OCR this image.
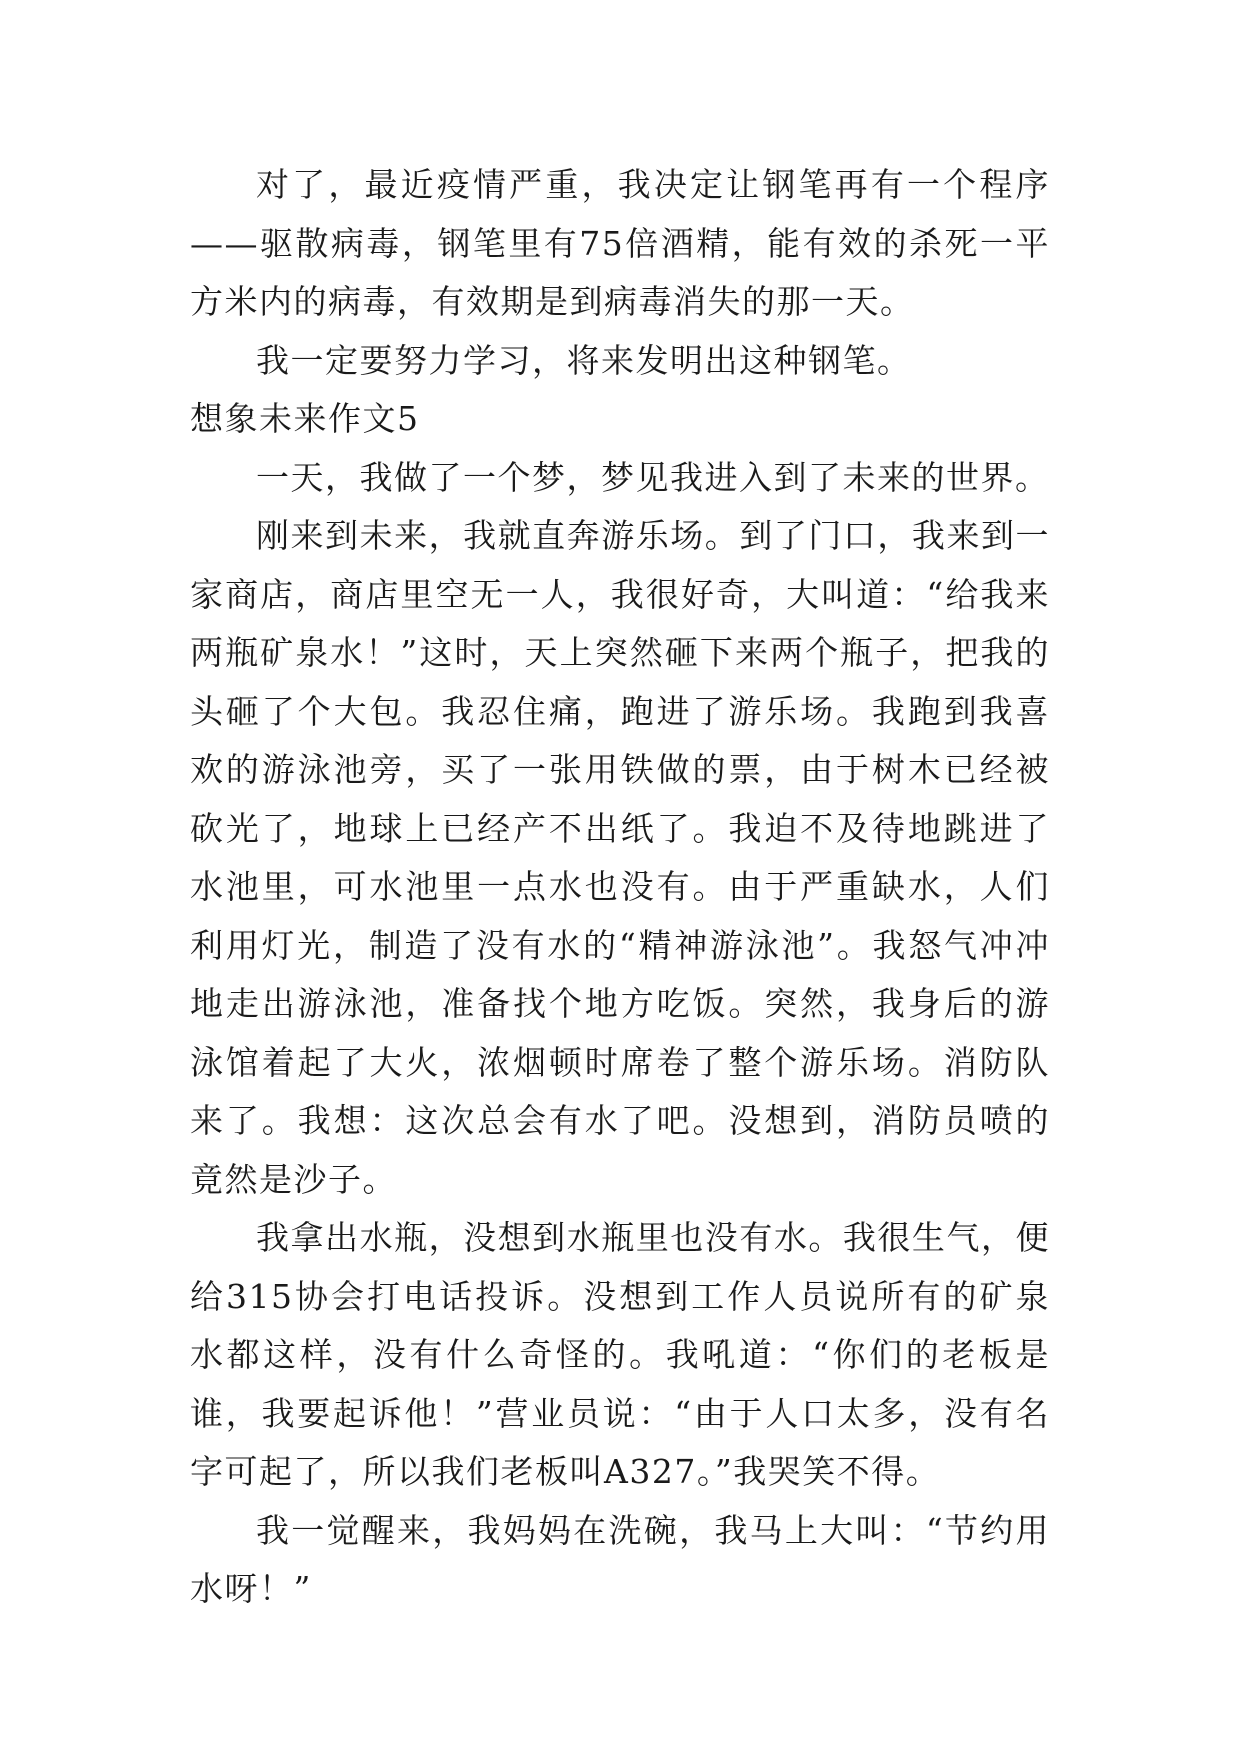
对了，最近疫情严重，我决定让钢笔再有一个程序——驱散病毒，钢笔里有75倍酒精，能有效的杀死一平方米内的病毒，有效期是到病毒消失的那一天。

我一定要努力学习，将来发明出这种钢笔。

想象未来作文5

一天，我做了一个梦，梦见我进入到了未来的世界。

刚来到未来，我就直奔游乐场。到了门口，我来到一家商店，商店里空无一人，我很好奇，大叫道：“给我来两瓶矿泉水！”这时，天上突然砸下来两个瓶子，把我的头砸了个大包。我忍住痛，跑进了游乐场。我跑到我喜欢的游泳池旁，买了一张用铁做的票，由于树木已经被砍光了，地球上已经产不出纸了。我迫不及待地跳进了水池里，可水池里一点水也没有。由于严重缺水，人们利用灯光，制造了没有水的“精神游泳池”。我怒气冲冲地走出游泳池，准备找个地方吃饭。突然，我身后的游泳馆着起了大火，浓烟顿时席卷了整个游乐场。消防队来了。我想：这次总会有水了吧。没想到，消防员喷的竟然是沙子。

我拿出水瓶，没想到水瓶里也没有水。我很生气，便给315协会打电话投诉。没想到工作人员说所有的矿泉水都这样，没有什么奇怪的。我吼道：“你们的老板是谁，我要起诉他！”营业员说：“由于人口太多，没有名字可起了，所以我们老板叫A327。”我哭笑不得。

我一觉醒来，我妈妈在洗碗，我马上大叫：“节约用水呀！”
